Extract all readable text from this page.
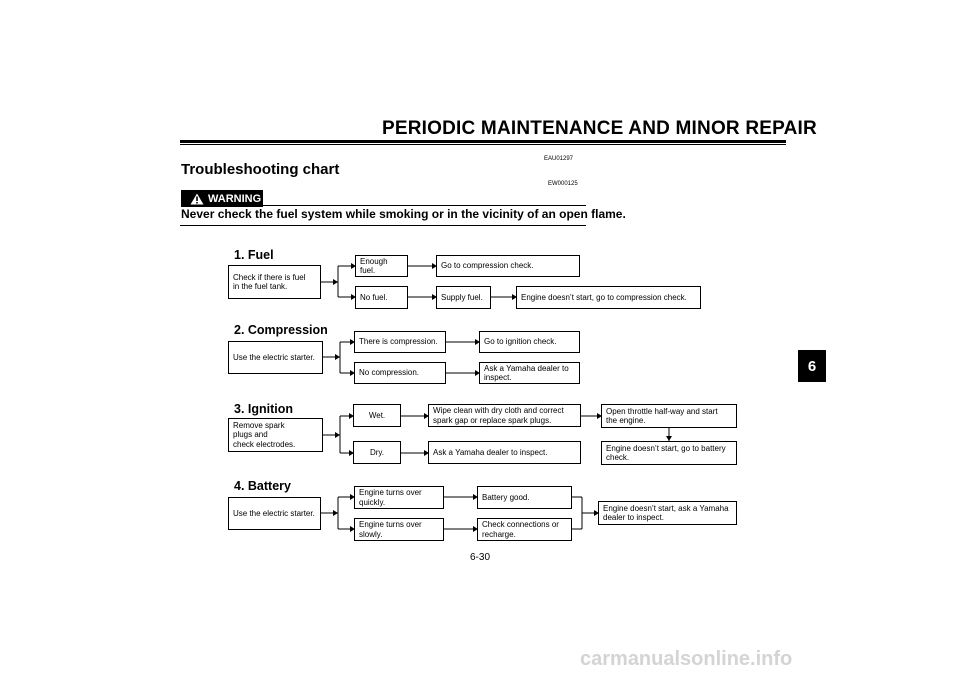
PERIODIC MAINTENANCE AND MINOR REPAIR
EAU01297
Troubleshooting chart
EW000125
WARNING
Never check the fuel system while smoking or in the vicinity of an open flame.
1. Fuel
Check if there is fuel
in the fuel tank.
Enough fuel.
Go to compression check.
No fuel.	Supply fuel.	Engine doesn’t start, go to compression check.
2. Compression
Use the electric starter.
There is compression.	Go to ignition check.
No compression.
Ask a Yamaha dealer to
inspect.
3. Ignition
Remove spark
plugs and
check electrodes.
Wet.
Wipe clean with dry cloth and correct
spark gap or replace spark plugs.
Open throttle half-way and start
the engine.
Engine doesn’t start, go to battery
check.
Dry.	Ask a Yamaha dealer to inspect.
4. Battery
Use the electric starter.
Engine turns over
quickly.
Battery good.
Engine turns over
slowly.
Check connections or
recharge.
Engine doesn’t start, ask a Yamaha
dealer to inspect.
6
6-30
carmanualsonline.info
